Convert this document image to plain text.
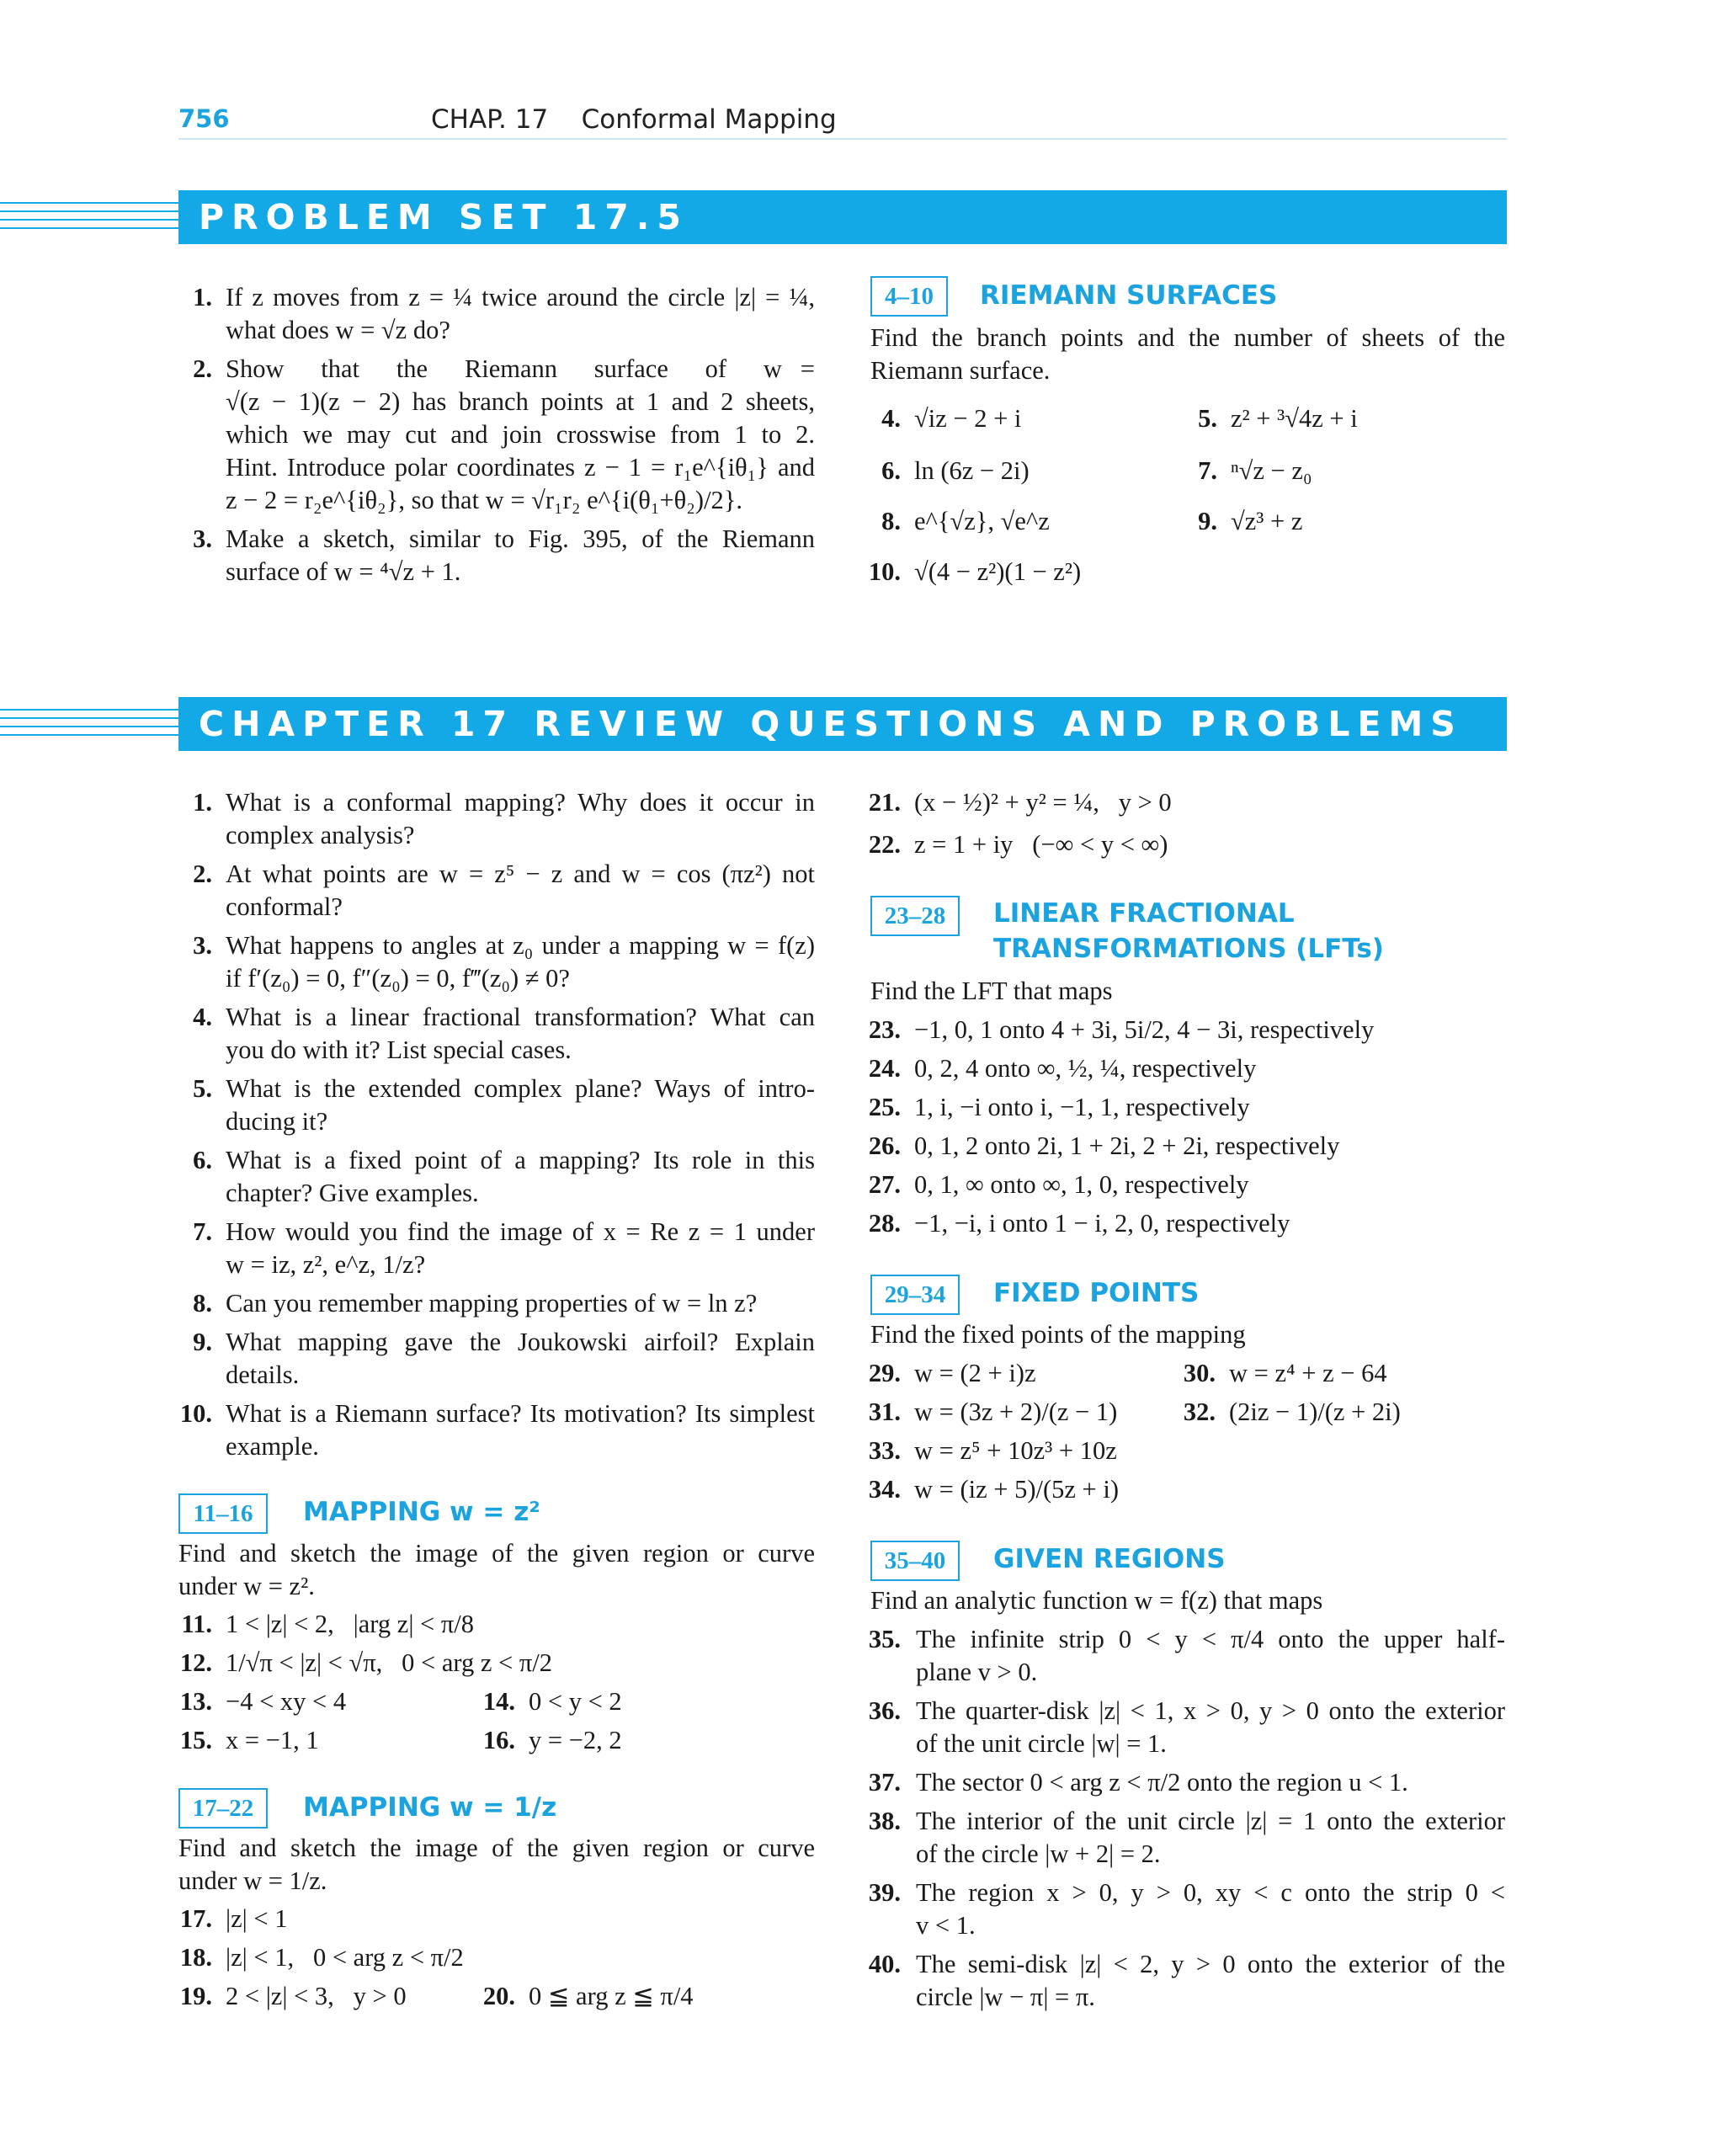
756	CHAP. 17    Conformal Mapping
PROBLEM SET 17.5
1. If z moves from z = ¼ twice around the circle |z| = ¼,
what does w = √z do?
2. Show  that  the  Riemann  surface  of  w =
√(z − 1)(z − 2) has branch points at 1 and 2 sheets,
which we may cut and join crosswise from 1 to 2.
Hint. Introduce polar coordinates z − 1 = r₁e^{iθ₁} and
z − 2 = r₂e^{iθ₂}, so that w = √r₁r₂ e^{i(θ₁+θ₂)/2}.
3. Make a sketch, similar to Fig. 395, of the Riemann
surface of w = ⁴√z + 1.
4–10	RIEMANN SURFACES
Find the branch points and the number of sheets of the
Riemann surface.
4. √iz − 2 + i	5. z² + ³√4z + i
6. ln (6z − 2i)	7. ⁿ√z − z₀
8. e^{√z}, √e^z	9. √z³ + z
10. √(4 − z²)(1 − z²)
CHAPTER 17 REVIEW QUESTIONS AND PROBLEMS
1. What is a conformal mapping? Why does it occur in
complex analysis?
2. At what points are w = z⁵ − z and w = cos (πz²) not
conformal?
3. What happens to angles at z₀ under a mapping w = f(z)
if f′(z₀) = 0, f″(z₀) = 0, f‴(z₀) ≠ 0?
4. What is a linear fractional transformation? What can
you do with it? List special cases.
5. What is the extended complex plane? Ways of intro-
ducing it?
6. What is a fixed point of a mapping? Its role in this
chapter? Give examples.
7. How would you find the image of x = Re z = 1 under
w = iz, z², e^z, 1/z?
8. Can you remember mapping properties of w = ln z?
9. What mapping gave the Joukowski airfoil? Explain
details.
10. What is a Riemann surface? Its motivation? Its simplest
example.
Find and sketch the image of the given region or curve
under w = z².
11. 1 < |z| < 2,   |arg z| < π/8
12. 1/√π < |z| < √π,   0 < arg z < π/2
13. −4 < xy < 4	14. 0 < y < 2
15. x = −1, 1	16. y = −2, 2
Find and sketch the image of the given region or curve
under w = 1/z.
17. |z| < 1
18. |z| < 1,   0 < arg z < π/2
19. 2 < |z| < 3,   y > 0	20. 0 ≦ arg z ≦ π/4
11–16	MAPPING w = z²
17–22	MAPPING w = 1/z
21. (x − ½)² + y² = ¼,   y > 0
22. z = 1 + iy   (−∞ < y < ∞)
Find the LFT that maps
23. −1, 0, 1 onto 4 + 3i, 5i/2, 4 − 3i, respectively
24. 0, 2, 4 onto ∞, ½, ¼, respectively
25. 1, i, −i onto i, −1, 1, respectively
26. 0, 1, 2 onto 2i, 1 + 2i, 2 + 2i, respectively
27. 0, 1, ∞ onto ∞, 1, 0, respectively
28. −1, −i, i onto 1 − i, 2, 0, respectively
Find the fixed points of the mapping
29. w = (2 + i)z	30. w = z⁴ + z − 64
31. w = (3z + 2)/(z − 1)	32. (2iz − 1)/(z + 2i)
33. w = z⁵ + 10z³ + 10z
34. w = (iz + 5)/(5z + i)
Find an analytic function w = f(z) that maps
35. The infinite strip 0 < y < π/4 onto the upper half-
plane v > 0.
36. The quarter-disk |z| < 1, x > 0, y > 0 onto the exterior
of the unit circle |w| = 1.
37. The sector 0 < arg z < π/2 onto the region u < 1.
38. The interior of the unit circle |z| = 1 onto the exterior
of the circle |w + 2| = 2.
39. The region x > 0, y > 0, xy < c onto the strip 0 <
v < 1.
40. The semi-disk |z| < 2, y > 0 onto the exterior of the
circle |w − π| = π.
23–28	LINEAR FRACTIONAL
TRANSFORMATIONS (LFTs)
29–34	FIXED POINTS
35–40	GIVEN REGIONS
